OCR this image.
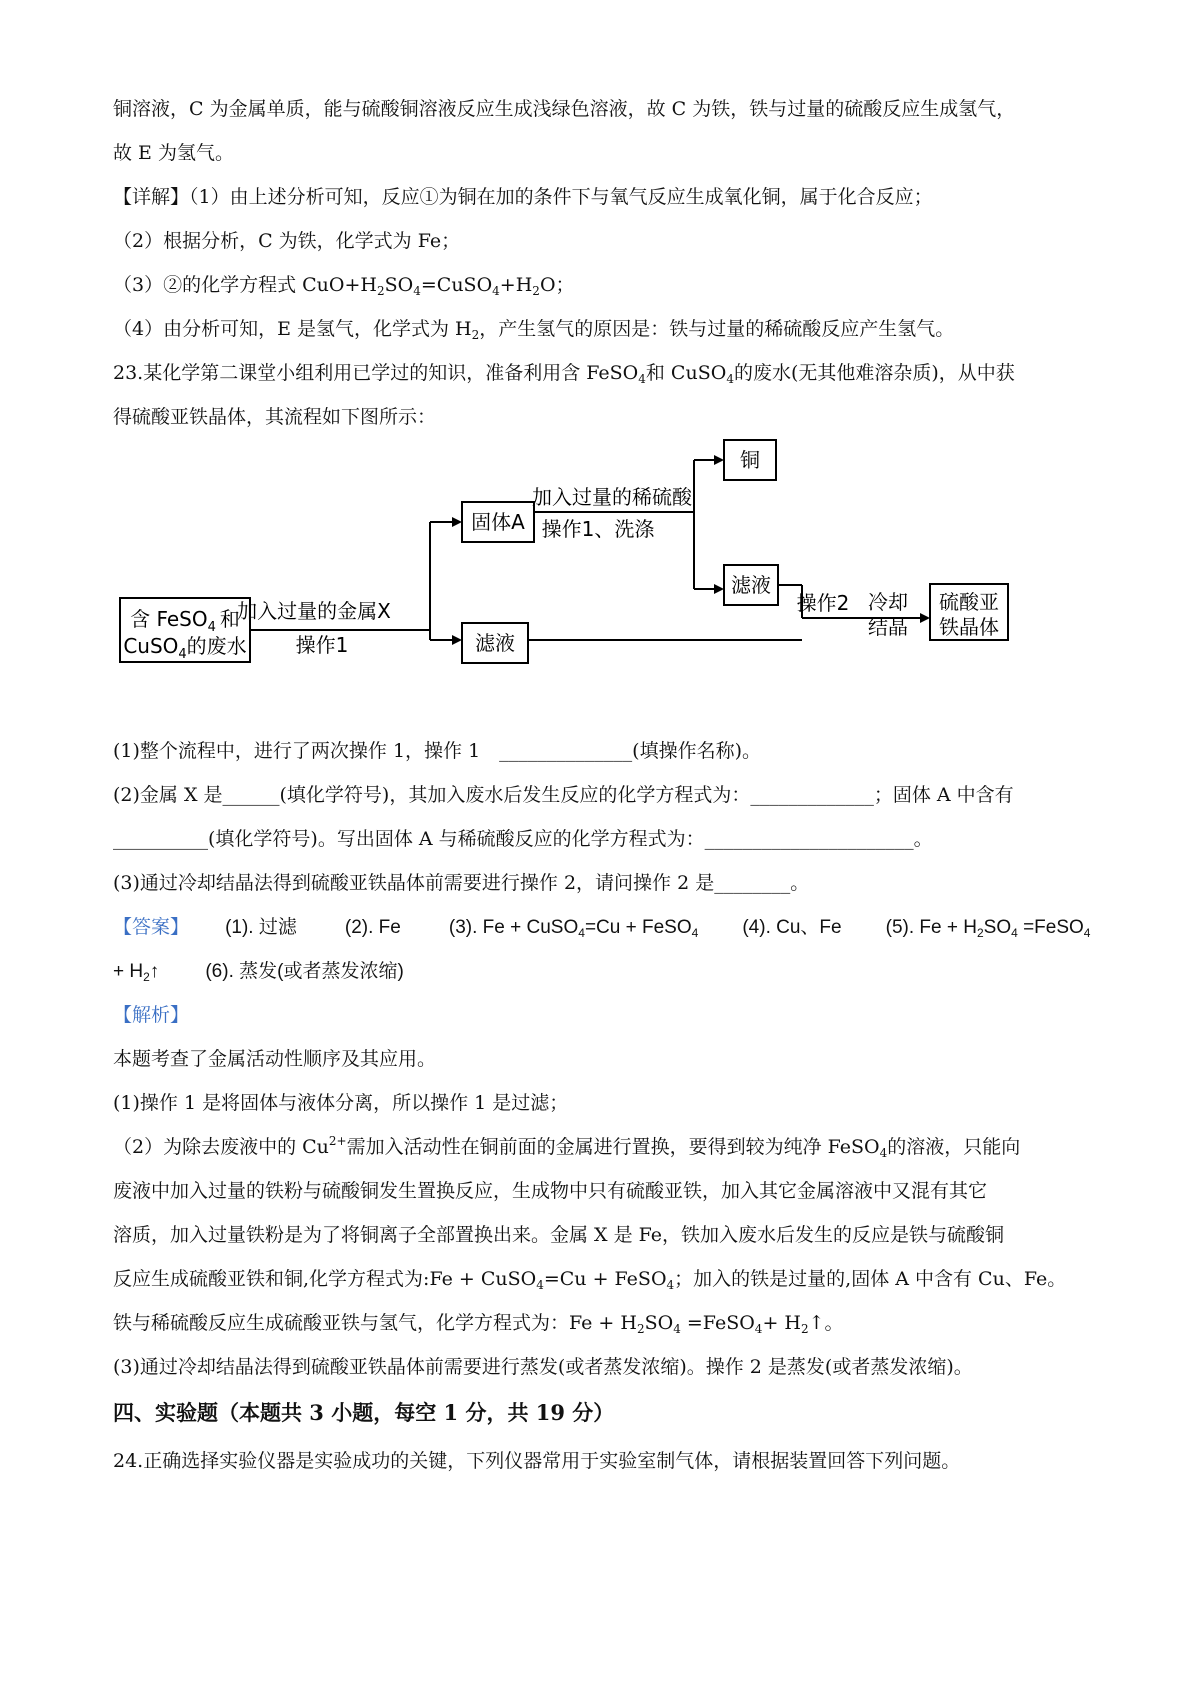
铜溶液，C 为金属单质，能与硫酸铜溶液反应生成浅绿色溶液，故 C 为铁，铁与过量的硫酸反应生成氢气，
故 E 为氢气。
【详解】（1）由上述分析可知，反应①为铜在加的条件下与氧气反应生成氧化铜，属于化合反应；
（2）根据分析，C 为铁，化学式为 Fe；
（3）②的化学方程式 $CuO+H_2SO_4=CuSO_4+H_2O$；
（4）由分析可知，E 是氢气，化学式为 $H_2$，产生氢气的原因是：铁与过量的稀硫酸反应产生氢气。
23.某化学第二课堂小组利用已学过的知识，准备利用含 FeSO$_4$和 CuSO$_4$的废水(无其他难溶杂质)，从中获
得硫酸亚铁晶体，其流程如下图所示：
含 FeSO$_4$ 和
CuSO$_4$的废水
加入过量的金属X
操作1
固体A
滤液
加入过量的稀硫酸
操作1、洗涤
滤液
操作2 冷却
结晶
硫酸亚
铁晶体
铜
(1)整个流程中，进行了两次操作 1，操作 1　______________(填操作名称)。
(2)金属 X 是______(填化学符号)，其加入废水后发生反应的化学方程式为：_____________；固体 A 中含有
__________(填化学符号)。写出固体 A 与稀硫酸反应的化学方程式为：______________________。
(3)通过冷却结晶法得到硫酸亚铁晶体前需要进行操作 2，请问操作 2 是________。
【答案】 (1). 过滤	(2). Fe	(3). Fe + CuSO$_4$=Cu + FeSO$_4$ (4). Cu、Fe (5). $Fe + H_2SO_4$ =FeSO$_4$
+ $H_2↑$ (6). 蒸发(或者蒸发浓缩)
【解析】
本题考查了金属活动性顺序及其应用。
(1)操作 1 是将固体与液体分离，所以操作 1 是过滤；
（2）为除去废液中的 $Cu^{2+}$需加入活动性在铜前面的金属进行置换，要得到较为纯净 FeSO$_4$的溶液，只能向
废液中加入过量的铁粉与硫酸铜发生置换反应，生成物中只有硫酸亚铁，加入其它金属溶液中又混有其它
溶质，加入过量铁粉是为了将铜离子全部置换出来。金属 X 是 Fe，铁加入废水后发生的反应是铁与硫酸铜
反应生成硫酸亚铁和铜,化学方程式为:Fe + CuSO$_4$=Cu + FeSO$_4$；加入的铁是过量的,固体 A 中含有 Cu、Fe。
铁与稀硫酸反应生成硫酸亚铁与氢气，化学方程式为：$Fe + H_2SO_4$ =FeSO$_4$+ $H_2↑$。
(3)通过冷却结晶法得到硫酸亚铁晶体前需要进行蒸发(或者蒸发浓缩)。操作 2 是蒸发(或者蒸发浓缩)。
四、实验题（本题共 3 小题，每空 1 分，共 19 分）
24.正确选择实验仪器是实验成功的关键，下列仪器常用于实验室制气体，请根据装置回答下列问题。
